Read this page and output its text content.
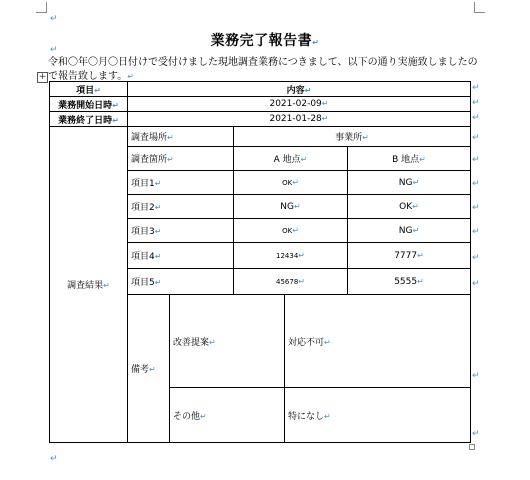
↵
業務完了報告書↵
↵
令和〇年〇月〇日付けで受付けました現地調査業務につきまして、以下の通り実施致しましたので報告致します。↵
+
項目↵	内容↵					
業務開始日時↵	2021-02-09↵					
業務終了日時↵	2021-01-28↵					
調査結果↵	調査場所↵		事業所↵			
	調査箇所↵		A 地点↵		B 地点↵	
	項目1↵		OK↵		NG↵	
	項目2↵		NG↵		OK↵	
	項目3↵		OK↵		NG↵	
	項目4↵		12434↵		7777↵	
	項目5↵		45678↵		5555↵	
	備考↵	改善提案↵		対応不可↵		
		その他↵		特になし↵		
↵
↵
↵
↵
↵
↵
↵
↵
↵
↵
↵
↵
↵
